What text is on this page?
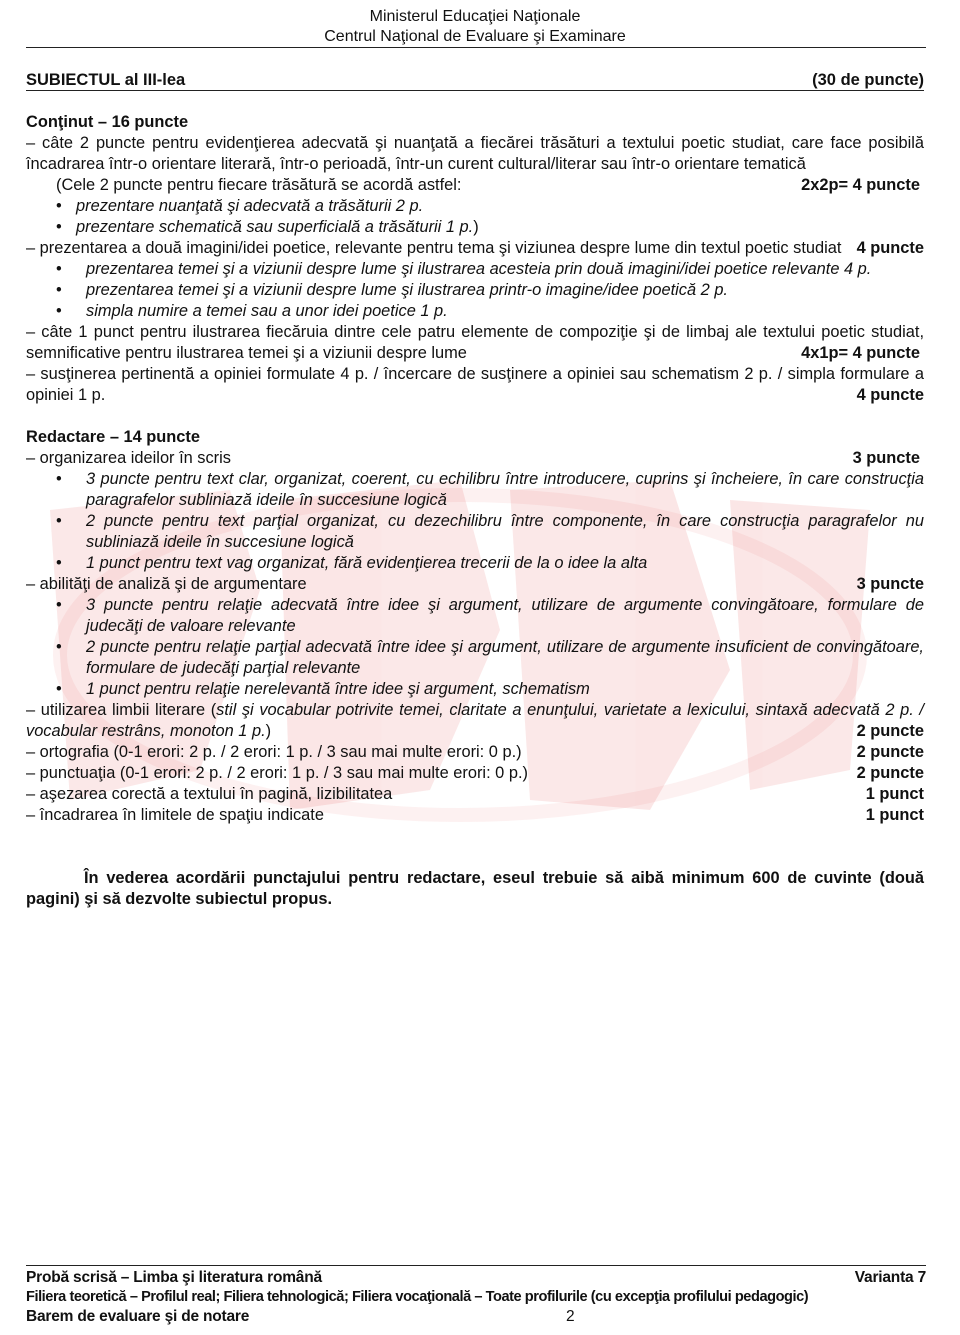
Ministerul Educaţiei Naţionale
Centrul Naţional de Evaluare şi Examinare
SUBIECTUL al III-lea	(30 de puncte)

Conţinut – 16 puncte

– câte 2 puncte pentru evidenţierea adecvată şi nuanţată a fiecărei trăsături a textului poetic studiat, care face posibilă încadrarea într-o orientare literară, într-o perioadă, într-un curent cultural/literar sau într-o orientare tematică
2x2p= 4 puncte

(Cele 2 puncte pentru fiecare trăsătură se acordă astfel:

• prezentare nuanţată şi adecvată a trăsăturii 2 p.
• prezentare schematică sau superficială a trăsăturii 1 p.)

– prezentarea a două imagini/idei poetice, relevante pentru tema şi viziunea despre lume din textul poetic studiat 4 puncte

• prezentarea temei şi a viziunii despre lume şi ilustrarea acesteia prin două imagini/idei poetice relevante 4 p.
• prezentarea temei şi a viziunii despre lume şi ilustrarea printr-o imagine/idee poetică 2 p.
• simpla numire a temei sau a unor idei poetice 1 p.

– câte 1 punct pentru ilustrarea fiecăruia dintre cele patru elemente de compoziţie şi de limbaj ale textului poetic studiat, semnificative pentru ilustrarea temei şi a viziunii despre lume	4x1p= 4 puncte

– susţinerea pertinentă a opiniei formulate 4 p. / încercare de susţinere a opiniei sau schematism 2 p. / simpla formulare a opiniei 1 p.	4 puncte

Redactare – 14 puncte

– organizarea ideilor în scris	3 puncte
• 3 puncte pentru text clar, organizat, coerent, cu echilibru între introducere, cuprins şi încheiere, în care construcţia paragrafelor subliniază ideile în succesiune logică
• 2 puncte pentru text parţial organizat, cu dezechilibru între componente, în care construcţia paragrafelor nu subliniază ideile în succesiune logică
• 1 punct pentru text vag organizat, fără evidenţierea trecerii de la o idee la alta
– abilităţi de analiză şi de argumentare	3 puncte
• 3 puncte pentru relaţie adecvată între idee şi argument, utilizare de argumente convingătoare, formulare de judecăţi de valoare relevante
• 2 puncte pentru relaţie parţial adecvată între idee şi argument, utilizare de argumente insuficient de convingătoare, formulare de judecăţi parţial relevante
• 1 punct pentru relaţie nerelevantă între idee şi argument, schematism

– utilizarea limbii literare (stil şi vocabular potrivite temei, claritate a enunţului, varietate a lexicului, sintaxă adecvată 2 p. / vocabular restrâns, monoton 1 p.)	2 puncte

– ortografia (0-1 erori: 2 p. / 2 erori: 1 p. / 3 sau mai multe erori: 0 p.)	2 puncte
– punctuaţia (0-1 erori: 2 p. / 2 erori: 1 p. / 3 sau mai multe erori: 0 p.)	2 puncte
– aşezarea corectă a textului în pagină, lizibilitatea	1 punct
– încadrarea în limitele de spaţiu indicate	1 punct

În vederea acordării punctajului pentru redactare, eseul trebuie să aibă minimum 600 de cuvinte (două pagini) şi să dezvolte subiectul propus.

Probă scrisă – Limba şi literatura română	Varianta 7
Filiera teoretică – Profilul real; Filiera tehnologică; Filiera vocaţională – Toate profilurile (cu excepţia profilului pedagogic)
Barem de evaluare şi de notare	2
